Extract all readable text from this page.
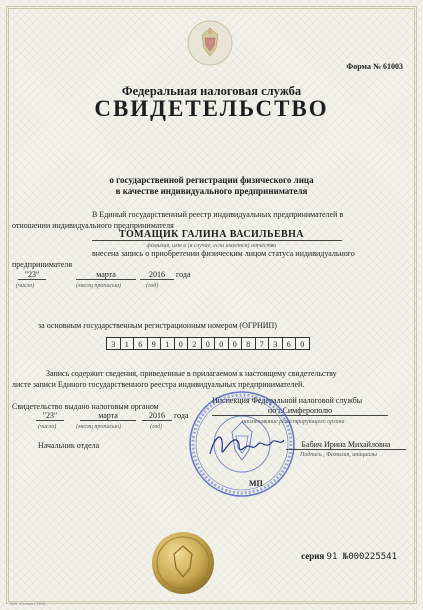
Форма № 61003
Федеральная налоговая служба
СВИДЕТЕЛЬСТВО
о государственной регистрации физического лица
в качестве индивидуального предпринимателя
В Единый государственный реестр индивидуальных предпринимателей в
отношении индивидуального предпринимателя
ТОМАЩИК ГАЛИНА ВАСИЛЬЕВНА
фамилия, имя и (в случае, если имеется) отчество
внесена запись о приобретении физическим лицом статуса индивидуального
предпринимателя
"23"	марта	2016	года
(число)	(месяц прописью)	(год)
за основным государственным регистрационным номером (ОГРНИП)
3	1	6	9	1	0	2	0	0	0	8	7	3	6	0
Запись содержит сведения, приведенные в прилагаемом к настоящему свидетельству
листе записи Единого государственного реестра индивидуальных предпринимателей.
Свидетельство выдано налоговым органом
Инспекция Федеральной налоговой службы
по г.Симферополю
наименование регистрирующего органа
"23"	марта	2016	года
(число)	(месяц прописью)	(год)
Начальник отдела	Бабич Ирина Михайловна
Подпись , Фамилия, инициалы
МП
серия 91 №000225541
ЗАО «Гознак» 2016
